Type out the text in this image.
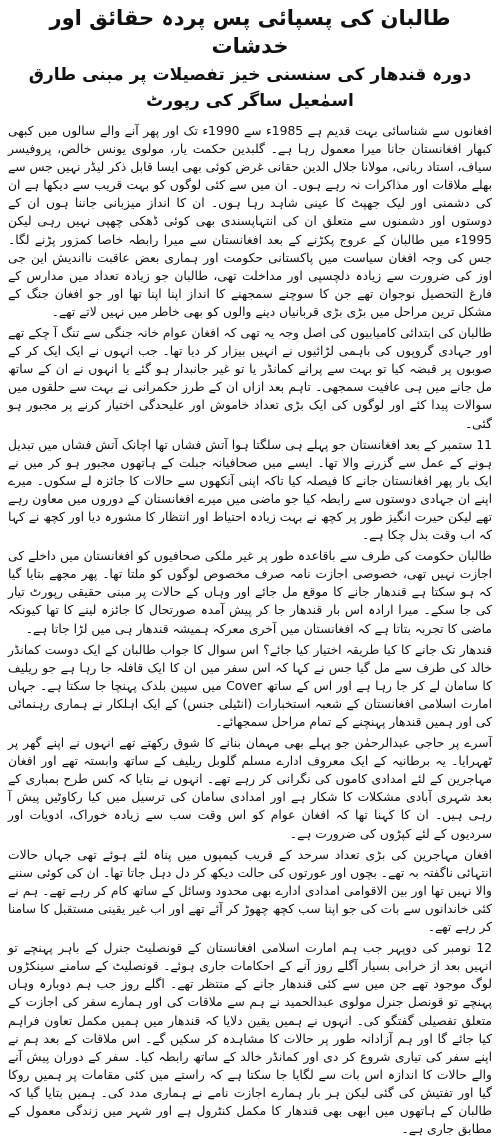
طالبان کی پسپائی پس پردہ حقائق اور خدشات
دورہ قندھار کی سنسنی خیز تفصیلات پر مبنی طارق اسمٰعیل ساگر کی رپورٹ

افغانوں سے شناسائی بہت قدیم ہے 1985ء سے 1990ء تک اور پھر آنے والے سالوں میں کبھی کبھار افغانستان جانا میرا معمول رہا ہے۔ گلبدین حکمت یار، مولوی یونس خالص، پروفیسر سیاف، استاد ربانی، مولانا جلال الدین حقانی غرض کوئی بھی ایسا قابل ذکر لیڈر نہیں جس سے بھلے ملاقات اور مذاکرات نہ رہے ہوں۔ ان میں سے کئی لوگوں کو بہت قریب سے دیکھا ہے ان کی دشمنی اور لیک جھپٹ کا عینی شاہد رہا ہوں۔ ان کا انداز میزبانی جاننا ہوں ان کے دوستوں اور دشمنوں سے متعلق ان کی انتہاپسندی بھی کوئی ڈھکی چھپی نہیں رہی لیکن 1995ء میں طالبان کے عروج پکڑنے کے بعد افغانستان سے میرا رابطہ خاصا کمزور پڑنے لگا۔ جس کی وجہ افغان سیاست میں پاکستانی حکومت اور ہماری بعض عاقبت نااندیش این جی اوز کی ضرورت سے زیادہ دلچسپی اور مداخلت تھی، طالبان جو زیادہ تعداد میں مدارس کے فارغ التحصیل نوجوان تھے جن کا سوچنے سمجھنے کا انداز اپنا اپنا تھا اور جو افغان جنگ کے مشکل ترین مراحل میں بڑی بڑی قربانیاں دینے والوں کو بھی خاطر میں نہیں لاتے تھے۔

طالبان کی ابتدائی کامیابیوں کی اصل وجہ یہ تھی کہ افغان عوام خانہ جنگی سے تنگ آ چکے تھے اور جہادی گروپوں کی باہمی لڑائیوں نے انہیں بیزار کر دیا تھا۔ جب انہوں نے ایک ایک کر کے صوبوں پر قبضہ کیا تو بہت سے پرانے کمانڈر یا تو غیر جانبدار ہو گئے یا انہوں نے ان کے ساتھ مل جانے میں ہی عافیت سمجھی۔ تاہم بعد ازاں ان کے طرز حکمرانی نے بہت سے حلقوں میں سوالات پیدا کئے اور لوگوں کی ایک بڑی تعداد خاموش اور علیحدگی اختیار کرنے پر مجبور ہو گئی۔

11 ستمبر کے بعد افغانستان جو پہلے ہی سلگتا ہوا آتش فشاں تھا اچانک آتش فشاں میں تبدیل ہونے کے عمل سے گزرنے والا تھا۔ ایسے میں صحافیانہ جبلت کے ہاتھوں مجبور ہو کر میں نے ایک بار پھر افغانستان جانے کا فیصلہ کیا تاکہ اپنی آنکھوں سے حالات کا جائزہ لے سکوں۔ میرے اپنے ان جہادی دوستوں سے رابطہ کیا جو ماضی میں میرے افغانستان کے دوروں میں معاون رہے تھے لیکن حیرت انگیز طور پر کچھ نے بہت زیادہ احتیاط اور انتظار کا مشورہ دیا اور کچھ نے کہا کہ اب وقت بدل چکا ہے۔

طالبان حکومت کی طرف سے باقاعدہ طور پر غیر ملکی صحافیوں کو افغانستان میں داخلے کی اجازت نہیں تھی، خصوصی اجازت نامہ صرف مخصوص لوگوں کو ملتا تھا۔ پھر مجھے بتایا گیا کہ ہو سکتا ہے قندھار جانے کا موقع مل جائے اور وہاں کے حالات پر مبنی حقیقی رپورٹ تیار کی جا سکے۔ میرا ارادہ اس بار قندھار جا کر پیش آمدہ صورتحال کا جائزہ لینے کا تھا کیونکہ ماضی کا تجربہ بتاتا ہے کہ افغانستان میں آخری معرکہ ہمیشہ قندھار ہی میں لڑا جاتا ہے۔

قندھار تک جانے کا کیا طریقہ اختیار کیا جائے؟ اس سوال کا جواب طالبان کے ایک دوست کمانڈر خالد کی طرف سے مل گیا جس نے کہا کہ اس سفر میں ان کا ایک قافلہ جا رہا ہے جو ریلیف کا سامان لے کر جا رہا ہے اور اس کے ساتھ Cover میں سپین بلدک پہنچا جا سکتا ہے۔ جہاں امارت اسلامی افغانستان کے شعبہ استخبارات (انٹیلی جنس) کے ایک اہلکار نے ہماری رہنمائی کی اور ہمیں قندھار پہنچنے کے تمام مراحل سمجھائے۔

آسرے پر حاجی عبدالرحمٰن جو پہلے بھی مہمان بنانے کا شوق رکھتے تھے انہوں نے اپنے گھر پر ٹھہرایا۔ یہ برطانیہ کے ایک معروف ادارے مسلم گلوبل ریلیف کے ساتھ وابستہ تھے اور افغان مہاجرین کے لئے امدادی کاموں کی نگرانی کر رہے تھے۔ انہوں نے بتایا کہ کس طرح بمباری کے بعد شہری آبادی مشکلات کا شکار ہے اور امدادی سامان کی ترسیل میں کیا رکاوٹیں پیش آ رہی ہیں۔ ان کا کہنا تھا کہ افغان عوام کو اس وقت سب سے زیادہ خوراک، ادویات اور سردیوں کے لئے کپڑوں کی ضرورت ہے۔

افغان مہاجرین کی بڑی تعداد سرحد کے قریب کیمپوں میں پناہ لئے ہوئے تھی جہاں حالات انتہائی ناگفتہ بہ تھے۔ بچوں اور عورتوں کی حالت دیکھ کر دل دہل جاتا تھا۔ ان کی کوئی سننے والا نہیں تھا اور بین الاقوامی امدادی ادارے بھی محدود وسائل کے ساتھ کام کر رہے تھے۔ ہم نے کئی خاندانوں سے بات کی جو اپنا سب کچھ چھوڑ کر آئے تھے اور اب غیر یقینی مستقبل کا سامنا کر رہے تھے۔

12 نومبر کی دوپہر جب ہم امارت اسلامی افغانستان کے قونصلیٹ جنرل کے باہر پہنچے تو انہیں بعد از خرابی بسیار آگلے روز آنے کے احکامات جاری ہوئے۔ قونصلیٹ کے سامنے سینکڑوں لوگ موجود تھے جن میں سے کئی قندھار جانے کے منتظر تھے۔ اگلے روز جب ہم دوبارہ وہاں پہنچے تو قونصل جنرل مولوی عبدالحمید نے ہم سے ملاقات کی اور ہمارے سفر کی اجازت کے متعلق تفصیلی گفتگو کی۔ انہوں نے ہمیں یقین دلایا کہ قندھار میں ہمیں مکمل تعاون فراہم کیا جائے گا اور ہم آزادانہ طور پر حالات کا مشاہدہ کر سکیں گے۔ اس ملاقات کے بعد ہم نے اپنے سفر کی تیاری شروع کر دی اور کمانڈر خالد کے ساتھ رابطہ کیا۔ سفر کے دوران پیش آنے والے حالات کا اندازہ اس بات سے لگایا جا سکتا ہے کہ راستے میں کئی مقامات پر ہمیں روکا گیا اور تفتیش کی گئی لیکن ہر بار ہمارے اجازت نامے نے ہماری مدد کی۔ ہمیں بتایا گیا کہ طالبان کے ہاتھوں میں ابھی بھی قندھار کا مکمل کنٹرول ہے اور شہر میں زندگی معمول کے مطابق جاری ہے۔
